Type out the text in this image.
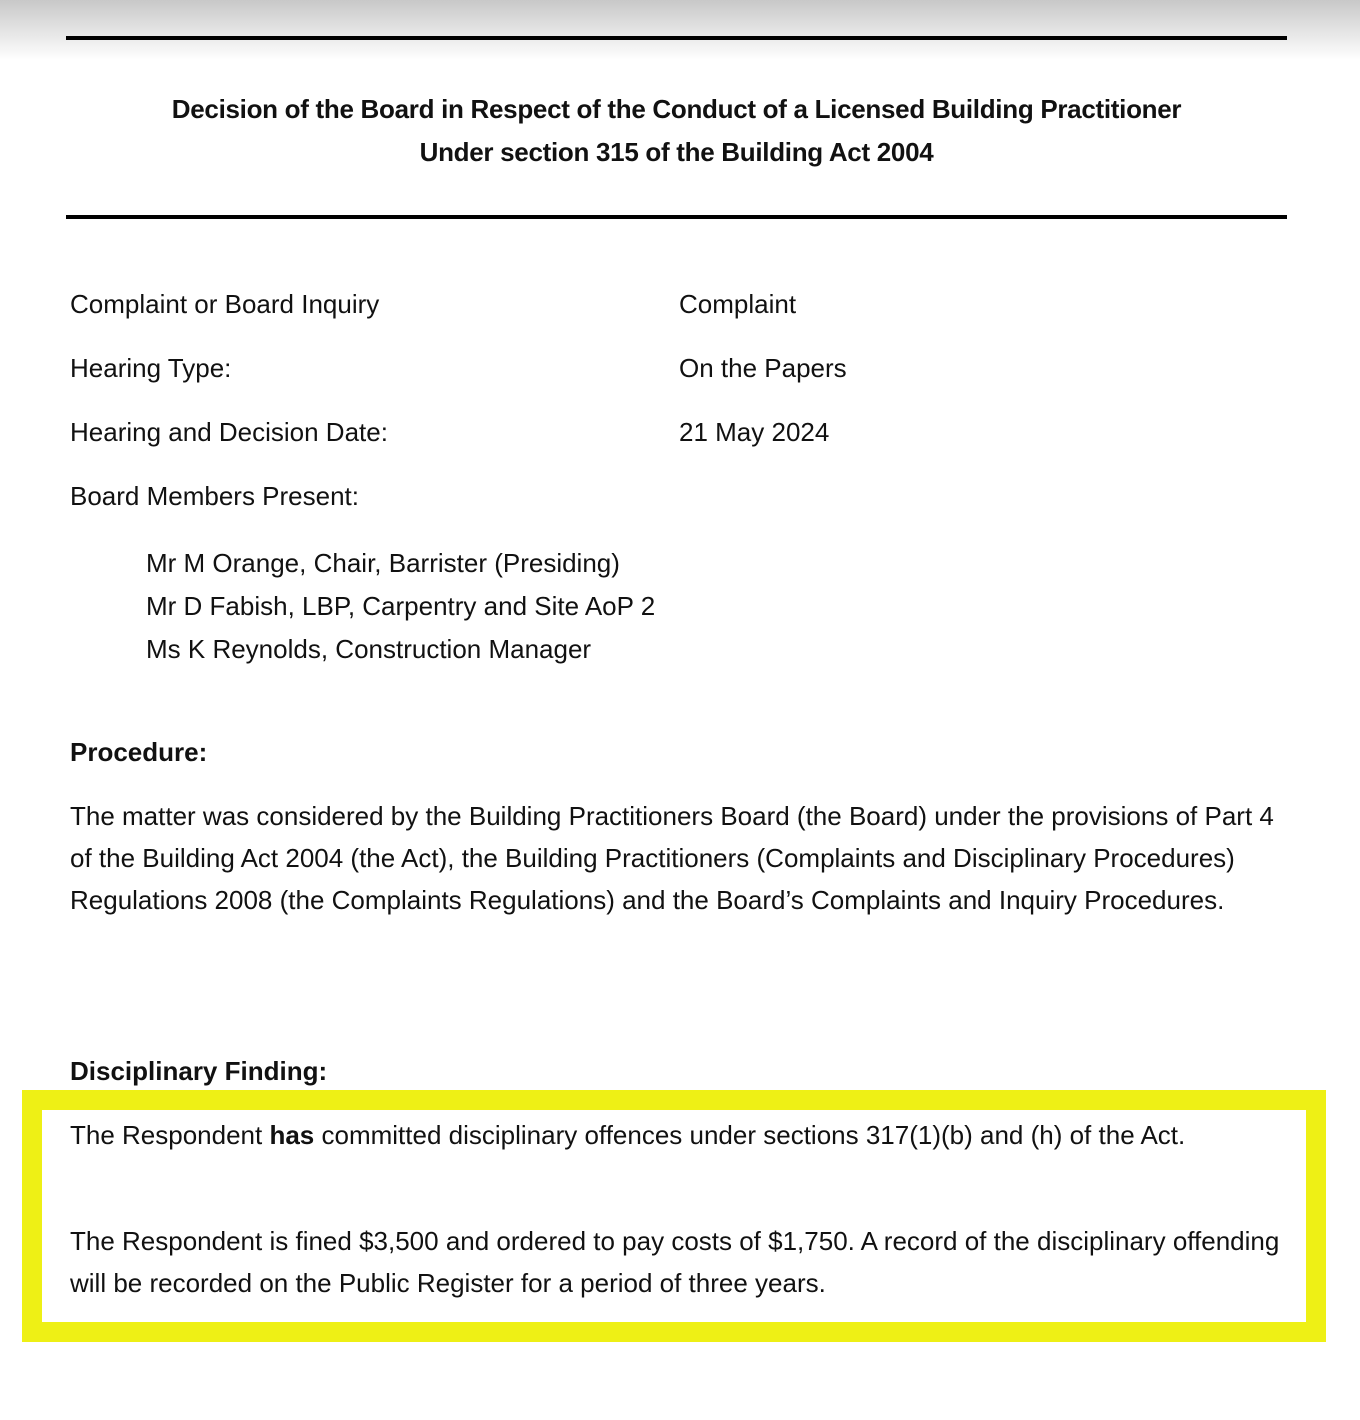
Decision of the Board in Respect of the Conduct of a Licensed Building Practitioner
Under section 315 of the Building Act 2004
Complaint or Board Inquiry	Complaint
Hearing Type:	On the Papers
Hearing and Decision Date:	21 May 2024
Board Members Present:
Mr M Orange, Chair, Barrister (Presiding)
Mr D Fabish, LBP, Carpentry and Site AoP 2
Ms K Reynolds, Construction Manager
Procedure:
The matter was considered by the Building Practitioners Board (the Board) under the provisions of Part 4 of the Building Act 2004 (the Act), the Building Practitioners (Complaints and Disciplinary Procedures) Regulations 2008 (the Complaints Regulations) and the Board’s Complaints and Inquiry Procedures.
Disciplinary Finding:
The Respondent has committed disciplinary offences under sections 317(1)(b) and (h) of the Act.
The Respondent is fined $3,500 and ordered to pay costs of $1,750. A record of the disciplinary offending will be recorded on the Public Register for a period of three years.
